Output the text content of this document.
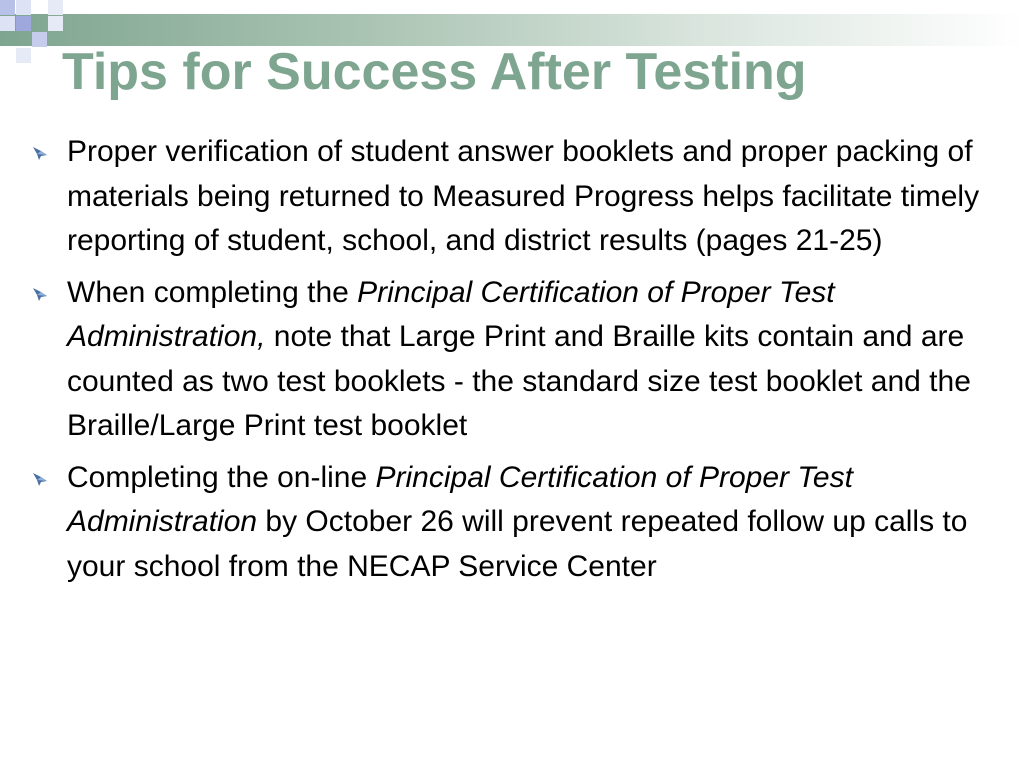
Tips for Success After Testing
Proper verification of student answer booklets and proper packing of materials being returned to Measured Progress helps facilitate timely reporting of student, school, and district results (pages 21-25)
When completing the Principal Certification of Proper Test Administration, note that Large Print and Braille kits contain and are counted as two test booklets - the standard size test booklet and the Braille/Large Print test booklet
Completing the on-line Principal Certification of Proper Test Administration by October 26 will prevent repeated follow up calls to your school from the NECAP Service Center
